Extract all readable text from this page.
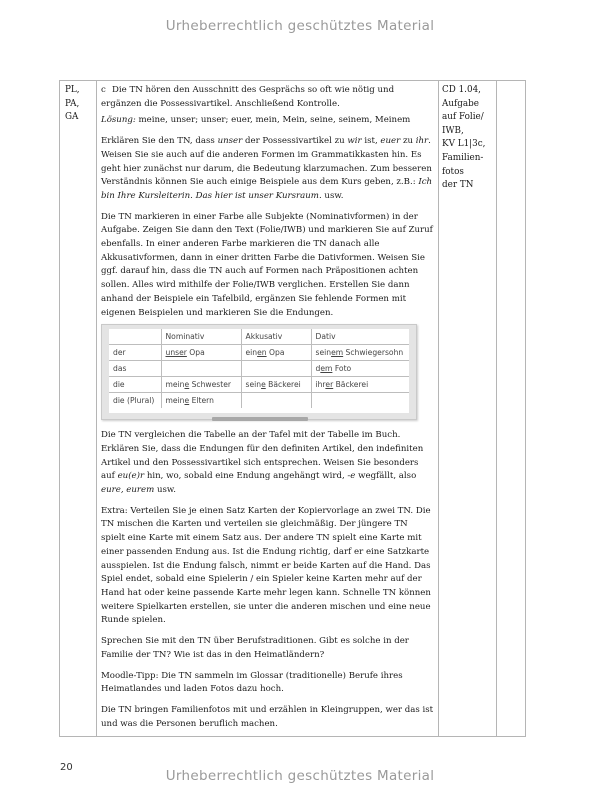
Urheberrechtlich geschütztes Material
PL,
PA,
GA

c Die TN hören den Ausschnitt des Gesprächs so oft wie nötig und ergänzen die Possessivartikel. Anschließend Kontrolle.

Lösung: meine, unser; unser; euer, mein, Mein, seine, seinem, Meinem

Erklären Sie den TN, dass unser der Possessivartikel zu wir ist, euer zu ihr. Weisen Sie sie auch auf die anderen Formen im Grammatikkasten hin. Es geht hier zunächst nur darum, die Bedeutung klarzumachen. Zum besseren Verständnis können Sie auch einige Beispiele aus dem Kurs geben, z.B.: Ich bin Ihre Kursleiterin. Das hier ist unser Kursraum. usw.

Die TN markieren in einer Farbe alle Subjekte (Nominativformen) in der Aufgabe. Zeigen Sie dann den Text (Folie/IWB) und markieren Sie auf Zuruf ebenfalls. In einer anderen Farbe markieren die TN danach alle Akkusativformen, dann in einer dritten Farbe die Dativformen. Weisen Sie ggf. darauf hin, dass die TN auch auf Formen nach Präpositionen achten sollen. Alles wird mithilfe der Folie/IWB verglichen. Erstellen Sie dann anhand der Beispiele ein Tafelbild, ergänzen Sie fehlende Formen mit eigenen Beispielen und markieren Sie die Endungen.

	Nominativ	Akkusativ	Dativ
der	unser Opa	einen Opa	seinem Schwiegersohn
das			dem Foto
die	meine Schwester	seine Bäckerei	ihrer Bäckerei
die (Plural)	meine Eltern		

Die TN vergleichen die Tabelle an der Tafel mit der Tabelle im Buch. Erklären Sie, dass die Endungen für den definiten Artikel, den indefiniten Artikel und den Possessivartikel sich entsprechen. Weisen Sie besonders auf eu(e)r hin, wo, sobald eine Endung angehängt wird, -e wegfällt, also eure, eurem usw.

Extra: Verteilen Sie je einen Satz Karten der Kopiervorlage an zwei TN. Die TN mischen die Karten und verteilen sie gleichmäßig. Der jüngere TN spielt eine Karte mit einem Satz aus. Der andere TN spielt eine Karte mit einer passenden Endung aus. Ist die Endung richtig, darf er eine Satzkarte ausspielen. Ist die Endung falsch, nimmt er beide Karten auf die Hand. Das Spiel endet, sobald eine Spielerin / ein Spieler keine Karten mehr auf der Hand hat oder keine passende Karte mehr legen kann. Schnelle TN können weitere Spielkarten erstellen, sie unter die anderen mischen und eine neue Runde spielen.

Sprechen Sie mit den TN über Berufstraditionen. Gibt es solche in der Familie der TN? Wie ist das in den Heimatländern?

Moodle-Tipp: Die TN sammeln im Glossar (traditionelle) Berufe ihres Heimatlandes und laden Fotos dazu hoch.

Die TN bringen Familienfotos mit und erzählen in Kleingruppen, wer das ist und was die Personen beruflich machen.

CD 1.04,
Aufgabe
auf Folie/
IWB,
KV L1|3c,
Familien-
fotos
der TN
20
Urheberrechtlich geschütztes Material
